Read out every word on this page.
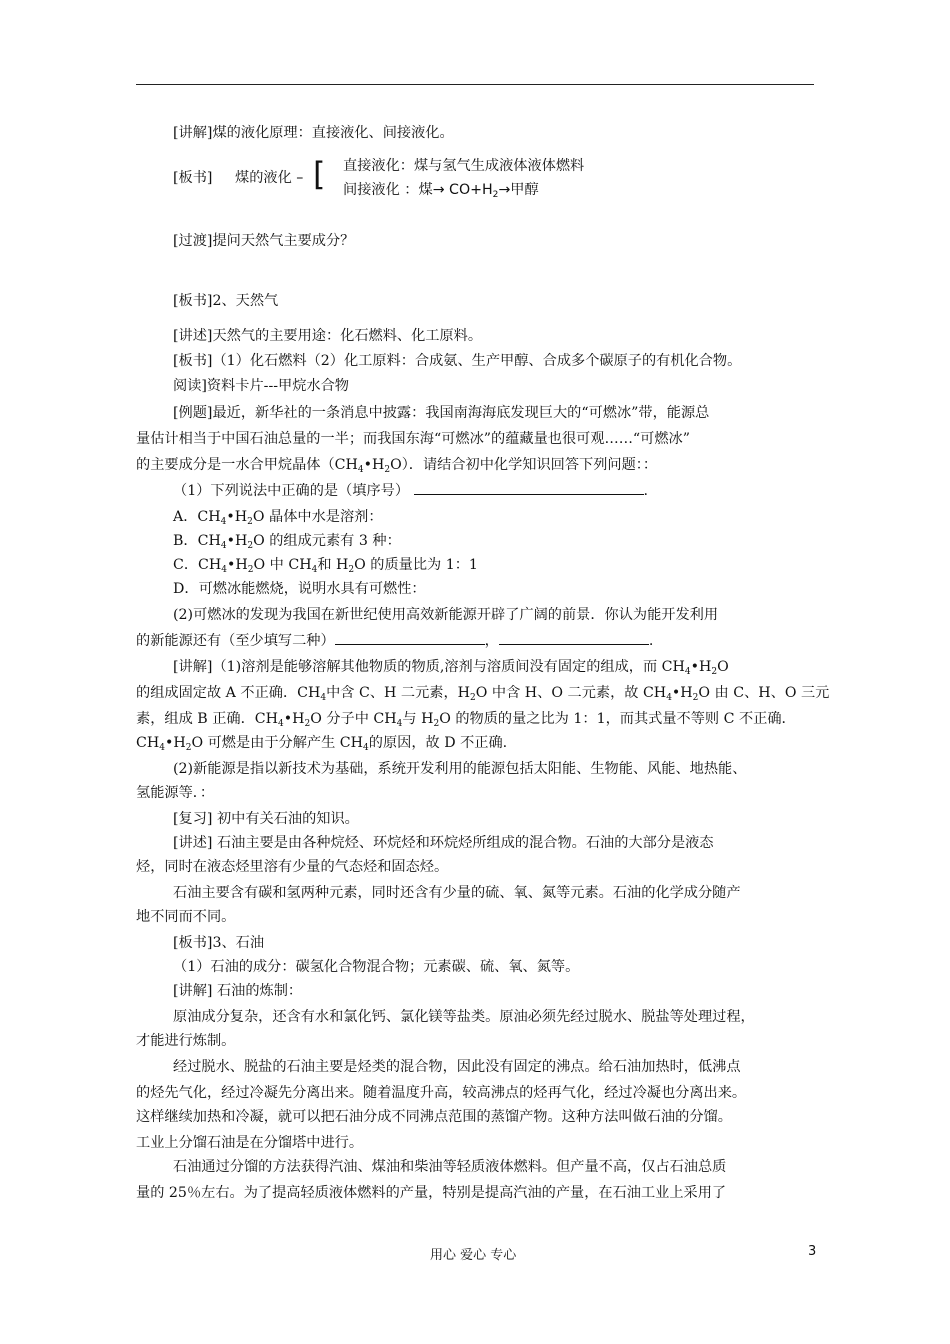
[讲解]煤的液化原理：直接液化、间接液化。
[板书] 煤的液化 – [ 直接液化：煤与氢气生成液体液体燃料
间接液化 ：煤→ $CO+H_2\to$甲醇
[过渡]提问天然气主要成分？
[板书]2、天然气
[讲述]天然气的主要用途：化石燃料、化工原料。
[板书]（1）化石燃料（2）化工原料：合成氨、生产甲醇、合成多个碳原子的有机化合物。
阅读]资料卡片---甲烷水合物
[例题]最近，新华社的一条消息中披露：我国南海海底发现巨大的“可燃冰”带，能源总
量估计相当于中国石油总量的一半；而我国东海“可燃冰”的蕴藏量也很可观……“可燃冰”
的主要成分是一水合甲烷晶体$(CH_4•H_2O)$．请结合初中化学知识回答下列问题：：
（1）下列说法中正确的是（填序号）	.
A．$CH_4•H_2O$ 晶体中水是溶剂：
B．$CH_4•H_2O$ 的组成元素有 3 种：
C．$CH_4•H_2O$ 中 $CH_4$和 $H_2O$ 的质量比为 1：1
D．可燃冰能燃烧，说明水具有可燃性：
(2)可燃冰的发现为我国在新世纪使用高效新能源开辟了广阔的前景．你认为能开发利用
的新能源还有（至少填写二种）	，	.
[讲解]（1)溶剂是能够溶解其他物质的物质,溶剂与溶质间没有固定的组成，而 $CH_4•H_2O$
的组成固定故 A 不正确．$CH_4$中含 C、H 二元素，$H_2O$ 中含 H、O 二元素，故 $CH_4•H_2O$ 由 C、H、O 三元
素，组成 B 正确．$CH_4•H_2O$ 分子中 $CH_4$与 $H_2O$ 的物质的量之比为 1：1，而其式量不等则 C 不正确．
$CH_4•H_2O$ 可燃是由于分解产生 $CH_4$的原因，故 D 不正确.
(2)新能源是指以新技术为基础，系统开发利用的能源包括太阳能、生物能、风能、地热能、
氢能源等．：
[复习] 初中有关石油的知识。
[讲述] 石油主要是由各种烷烃、环烷烃和环烷烃所组成的混合物。石油的大部分是液态
烃，同时在液态烃里溶有少量的气态烃和固态烃。
石油主要含有碳和氢两种元素，同时还含有少量的硫、氧、氮等元素。石油的化学成分随产
地不同而不同。
[板书]3、石油
（1）石油的成分：碳氢化合物混合物；元素碳、硫、氧、氮等。
[讲解] 石油的炼制：
原油成分复杂，还含有水和氯化钙、氯化镁等盐类。原油必须先经过脱水、脱盐等处理过程，
才能进行炼制。
经过脱水、脱盐的石油主要是烃类的混合物，因此没有固定的沸点。给石油加热时，低沸点
的烃先气化，经过冷凝先分离出来。随着温度升高，较高沸点的烃再气化，经过冷凝也分离出来。
这样继续加热和冷凝，就可以把石油分成不同沸点范围的蒸馏产物。这种方法叫做石油的分馏。
工业上分馏石油是在分馏塔中进行。
石油通过分馏的方法获得汽油、煤油和柴油等轻质液体燃料。但产量不高，仅占石油总质
量的 25％左右。为了提高轻质液体燃料的产量，特别是提高汽油的产量，在石油工业上采用了
用心 爱心 专心	3
